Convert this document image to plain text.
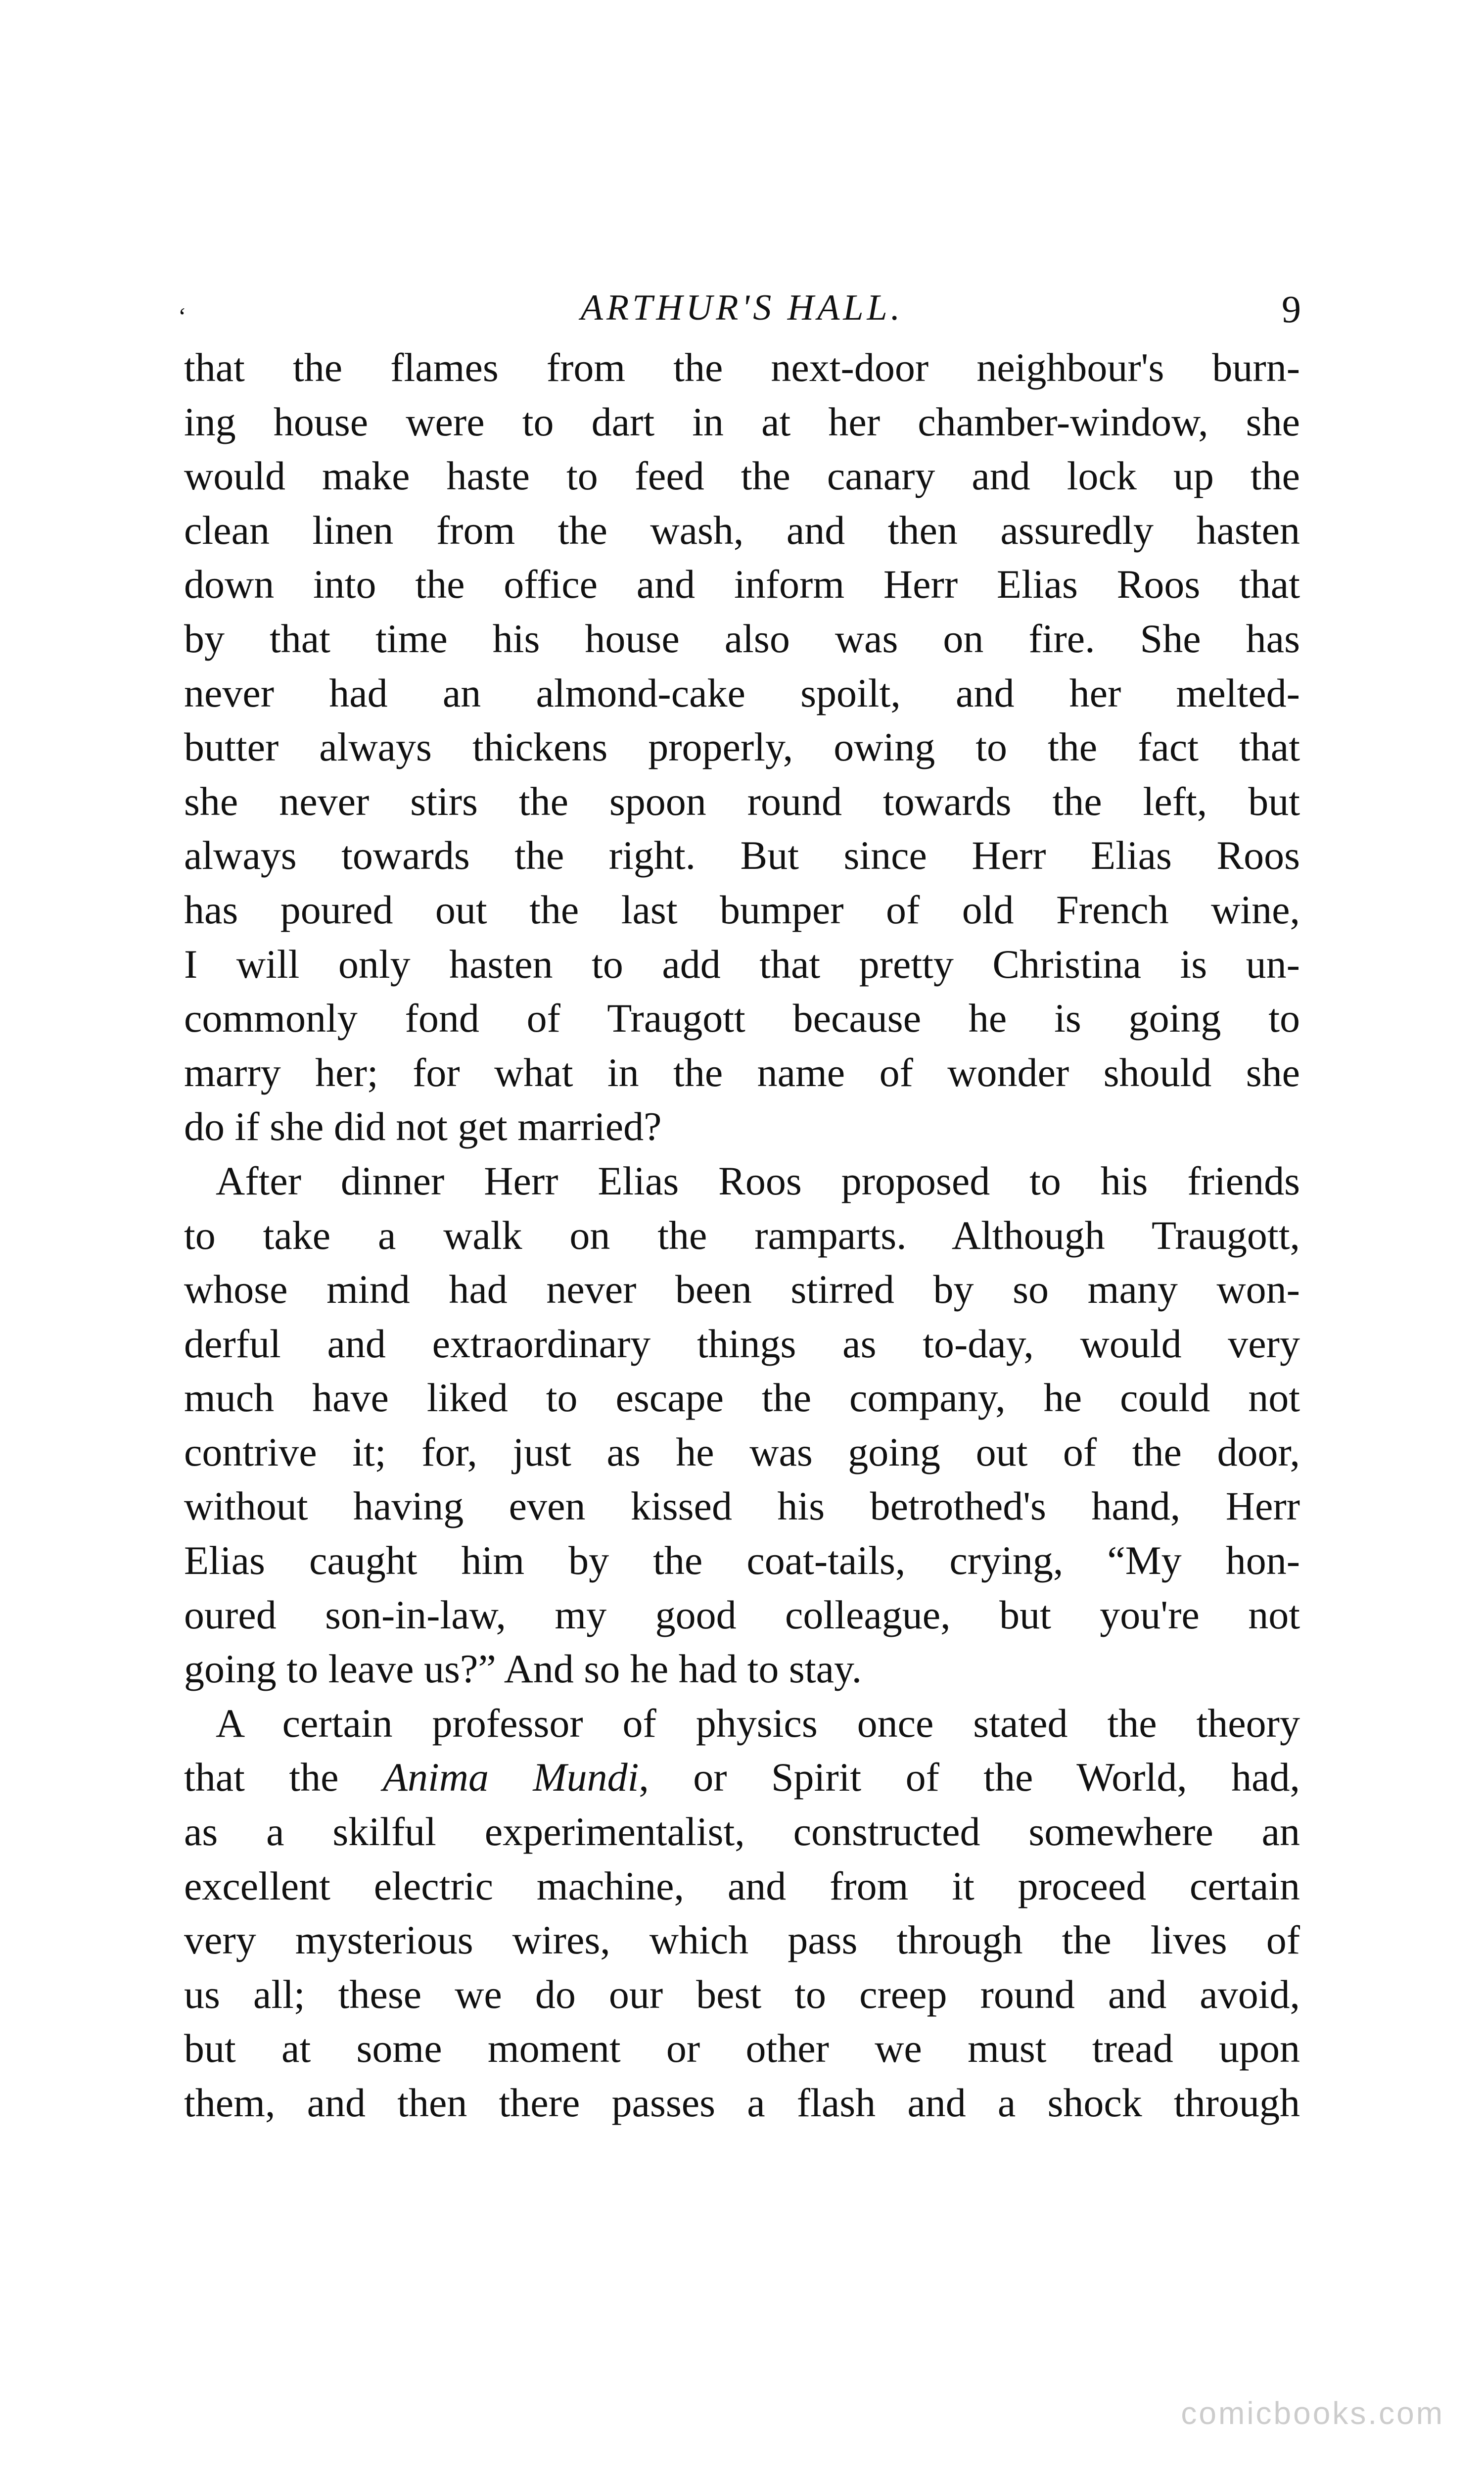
‘	ARTHUR'S HALL.	9
that the flames from the next-door neighbour's burn-
ing house were to dart in at her chamber-window, she
would make haste to feed the canary and lock up the
clean linen from the wash, and then assuredly hasten
down into the office and inform Herr Elias Roos that
by that time his house also was on fire. She has
never had an almond-cake spoilt, and her melted-
butter always thickens properly, owing to the fact that
she never stirs the spoon round towards the left, but
always towards the right. But since Herr Elias Roos
has poured out the last bumper of old French wine,
I will only hasten to add that pretty Christina is un-
commonly fond of Traugott because he is going to
marry her; for what in the name of wonder should she
do if she did not get married?
After dinner Herr Elias Roos proposed to his friends
to take a walk on the ramparts. Although Traugott,
whose mind had never been stirred by so many won-
derful and extraordinary things as to-day, would very
much have liked to escape the company, he could not
contrive it; for, just as he was going out of the door,
without having even kissed his betrothed's hand, Herr
Elias caught him by the coat-tails, crying, “My hon-
oured son-in-law, my good colleague, but you're not
going to leave us?” And so he had to stay.
A certain professor of physics once stated the theory
that the Anima Mundi, or Spirit of the World, had,
as a skilful experimentalist, constructed somewhere an
excellent electric machine, and from it proceed certain
very mysterious wires, which pass through the lives of
us all; these we do our best to creep round and avoid,
but at some moment or other we must tread upon
them, and then there passes a flash and a shock through
comicbooks.com
